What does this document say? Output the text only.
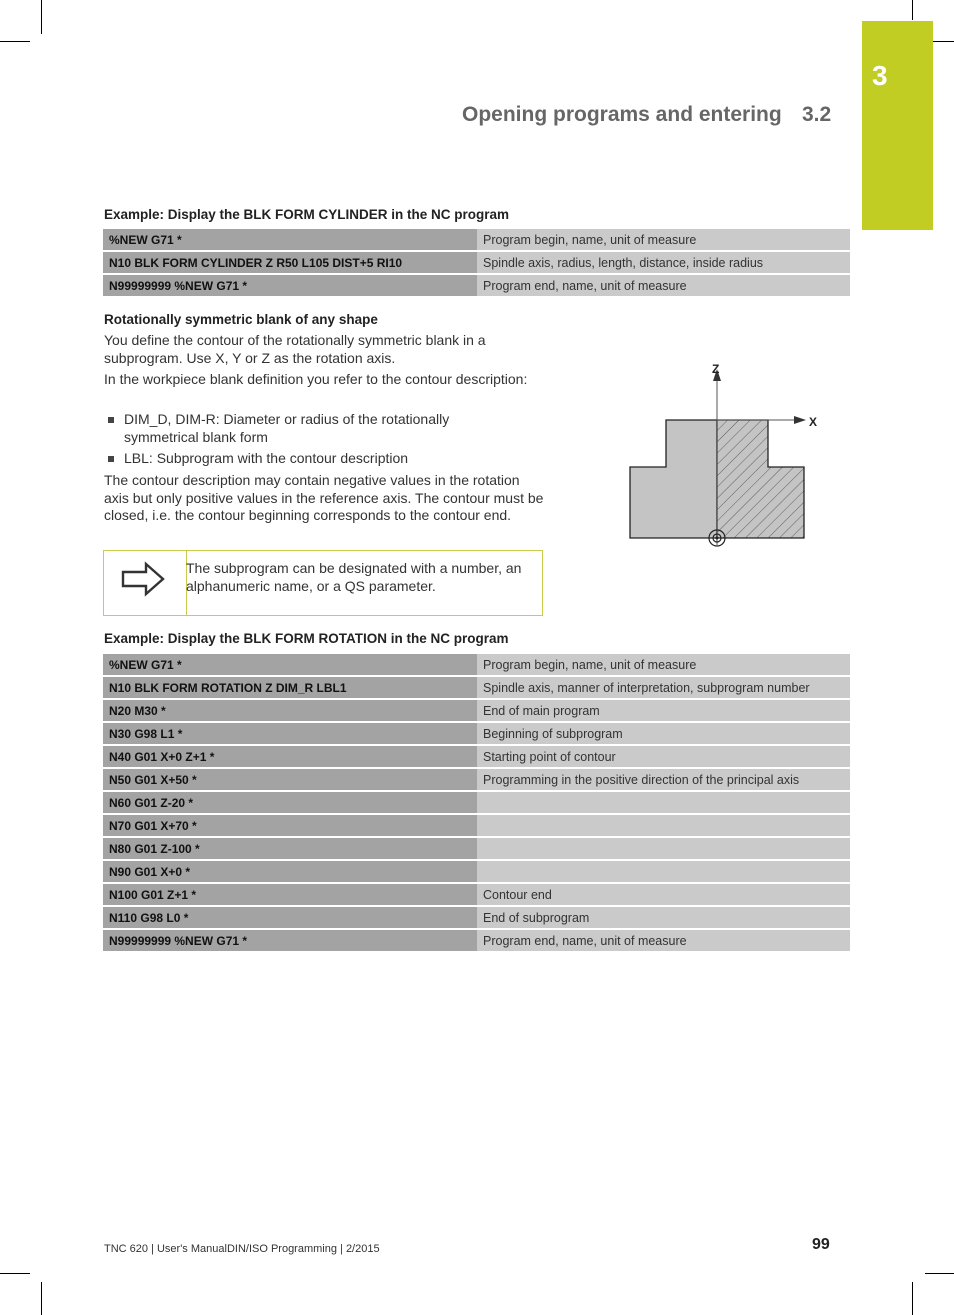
3
Opening programs and entering 3.2
Example: Display the BLK FORM CYLINDER in the NC program
%NEW G71 *	Program begin, name, unit of measure
N10 BLK FORM CYLINDER Z R50 L105 DIST+5 RI10	Spindle axis, radius, length, distance, inside radius
N99999999 %NEW G71 *	Program end, name, unit of measure
Rotationally symmetric blank of any shape
You define the contour of the rotationally symmetric blank in a subprogram. Use X, Y or Z as the rotation axis.
In the workpiece blank definition you refer to the contour description:
DIM_D, DIM-R: Diameter or radius of the rotationally symmetrical blank form
LBL: Subprogram with the contour description
The contour description may contain negative values in the rotation axis but only positive values in the reference axis. The contour must be closed, i.e. the contour beginning corresponds to the contour end.
The subprogram can be designated with a number, an alphanumeric name, or a QS parameter.
Z
X
Example: Display the BLK FORM ROTATION in the NC program
%NEW G71 *	Program begin, name, unit of measure
N10 BLK FORM ROTATION Z DIM_R LBL1	Spindle axis, manner of interpretation, subprogram number
N20 M30 *	End of main program
N30 G98 L1 *	Beginning of subprogram
N40 G01 X+0 Z+1 *	Starting point of contour
N50 G01 X+50 *	Programming in the positive direction of the principal axis
N60 G01 Z-20 *	
N70 G01 X+70 *	
N80 G01 Z-100 *	
N90 G01 X+0 *	
N100 G01 Z+1 *	Contour end
N110 G98 L0 *	End of subprogram
N99999999 %NEW G71 *	Program end, name, unit of measure
TNC 620 | User's ManualDIN/ISO Programming | 2/2015	99
